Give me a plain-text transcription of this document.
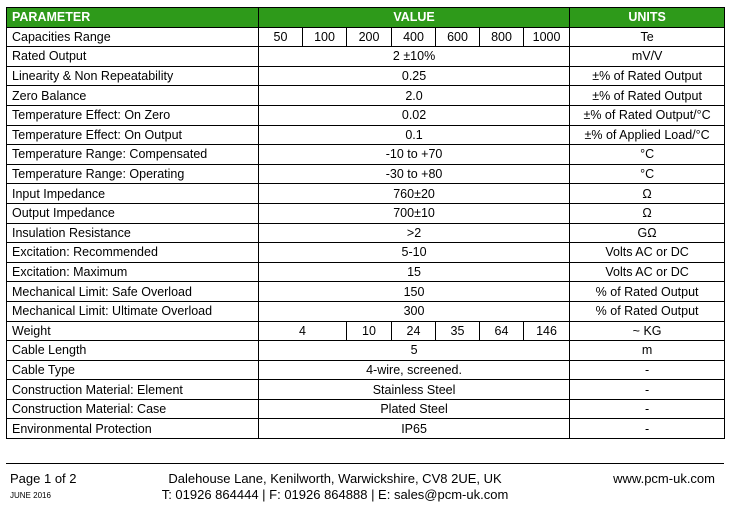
PARAMETER	VALUE							UNITS
Capacities Range	50	100	200	400	600	800	1000	Te
Rated Output	2 ±10%							mV/V
Linearity & Non Repeatability	0.25							±% of Rated Output
Zero Balance	2.0							±% of Rated Output
Temperature Effect: On Zero	0.02							±% of Rated Output/°C
Temperature Effect: On Output	0.1							±% of Applied Load/°C
Temperature Range: Compensated	-10 to +70							°C
Temperature Range: Operating	-30 to +80							°C
Input Impedance	760±20							Ω
Output Impedance	700±10							Ω
Insulation Resistance	>2							GΩ
Excitation: Recommended	5-10							Volts AC or DC
Excitation: Maximum	15							Volts AC or DC
Mechanical Limit: Safe Overload	150							% of Rated Output
Mechanical Limit: Ultimate Overload	300							% of Rated Output
Weight	4		10	24	35	64	146	~ KG
Cable Length	5							m
Cable Type	4-wire, screened.							-
Construction Material: Element	Stainless Steel							-
Construction Material: Case	Plated Steel							-
Environmental Protection	IP65							-
Page 1 of 2
JUNE 2016
Dalehouse Lane, Kenilworth, Warwickshire, CV8 2UE, UK
T: 01926 864444 | F: 01926 864888 | E: sales@pcm-uk.com
www.pcm-uk.com
